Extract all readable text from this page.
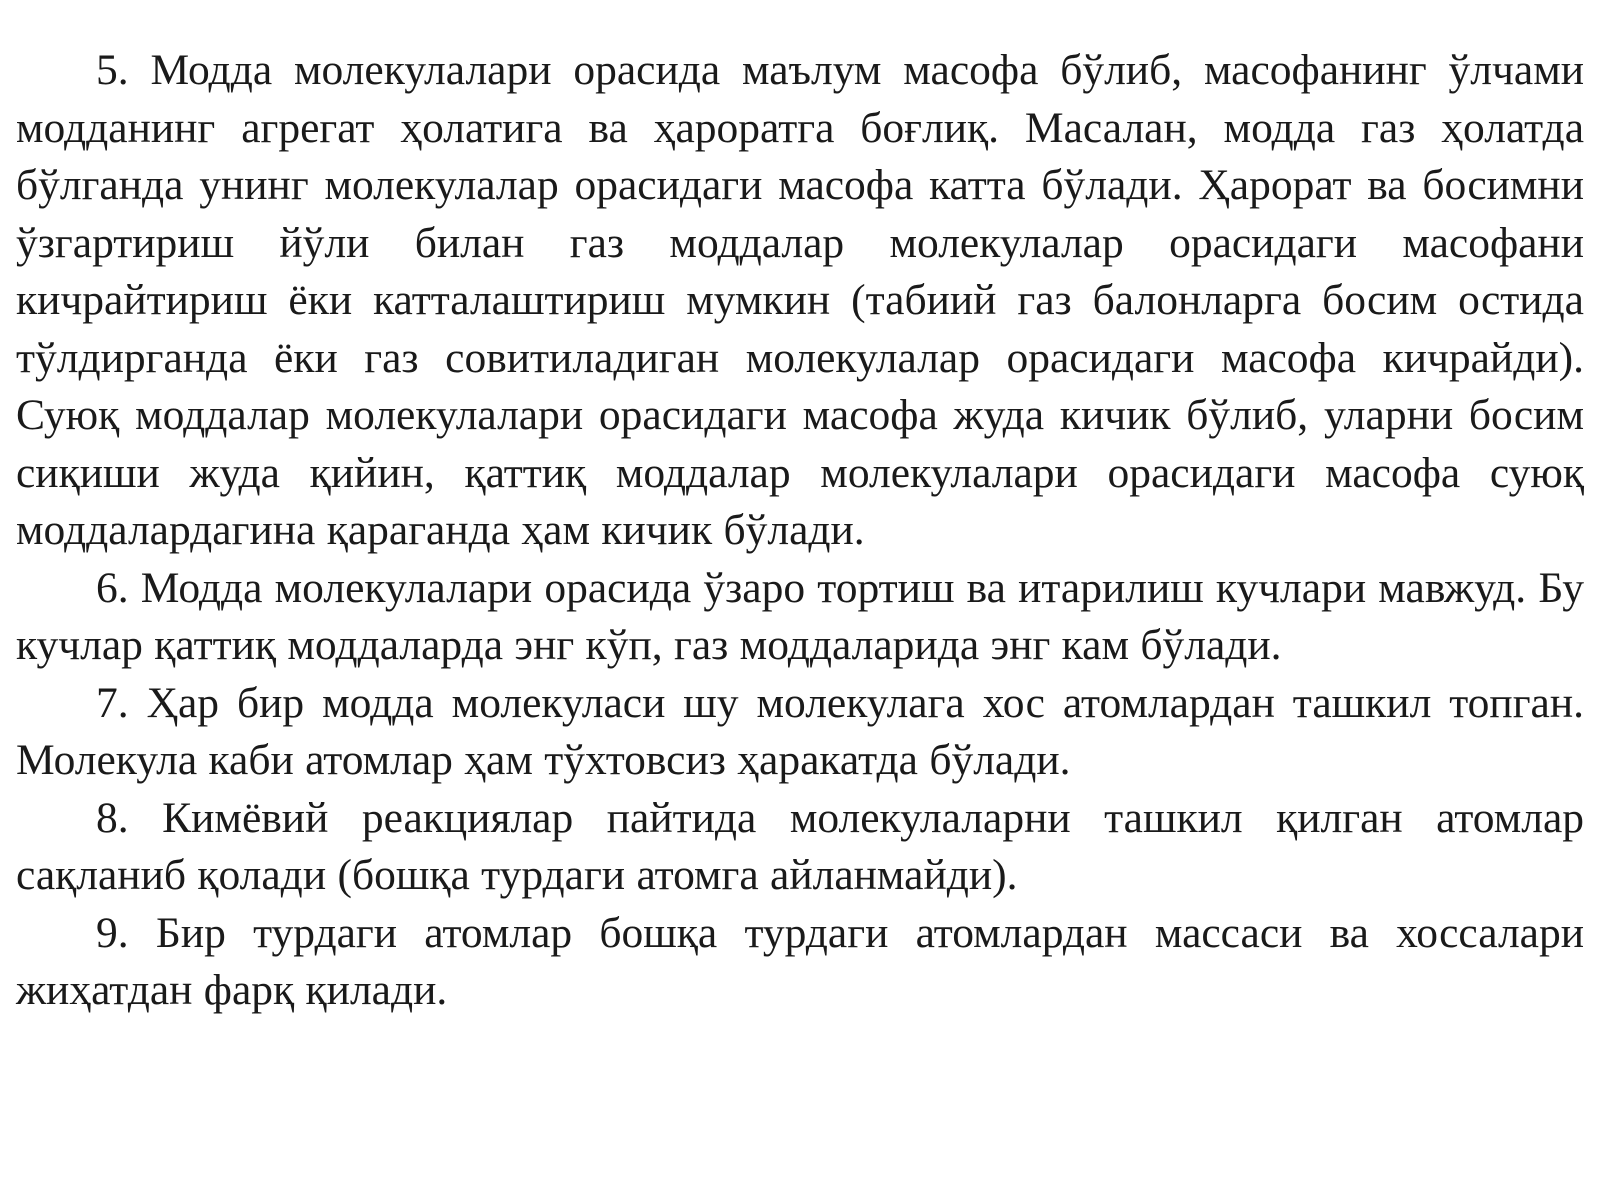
5. Модда молекулалари орасида маълум масофа бўлиб, масофанинг ўлчами модданинг агрегат ҳолатига ва ҳароратга боғлиқ. Масалан, модда газ ҳолатда бўлганда унинг молекулалар орасидаги масофа катта бўлади. Ҳарорат ва босимни ўзгартириш йўли билан газ моддалар молекулалар орасидаги масофани кичрайтириш ёки катталаштириш мумкин (табиий газ балонларга босим остида тўлдирганда ёки газ совитиладиган молекулалар орасидаги масофа кичрайди). Суюқ моддалар молекулалари орасидаги масофа жуда кичик бўлиб, уларни босим сиқиши жуда қийин, қаттиқ моддалар молекулалари орасидаги масофа суюқ моддалардагина қараганда ҳам кичик бўлади.

6. Модда молекулалари орасида ўзаро тортиш ва итарилиш кучлари мавжуд. Бу кучлар қаттиқ моддаларда энг кўп, газ моддаларида энг кам бўлади.

7. Ҳар бир модда молекуласи шу молекулага хос атомлардан ташкил топган. Молекула каби атомлар ҳам тўхтовсиз ҳаракатда бўлади.

8. Кимёвий реакциялар пайтида молекулаларни ташкил қилган атомлар сақланиб қолади (бошқа турдаги атомга айланмайди).

9. Бир турдаги атомлар бошқа турдаги атомлардан массаси ва хоссалари жиҳатдан фарқ қилади.
